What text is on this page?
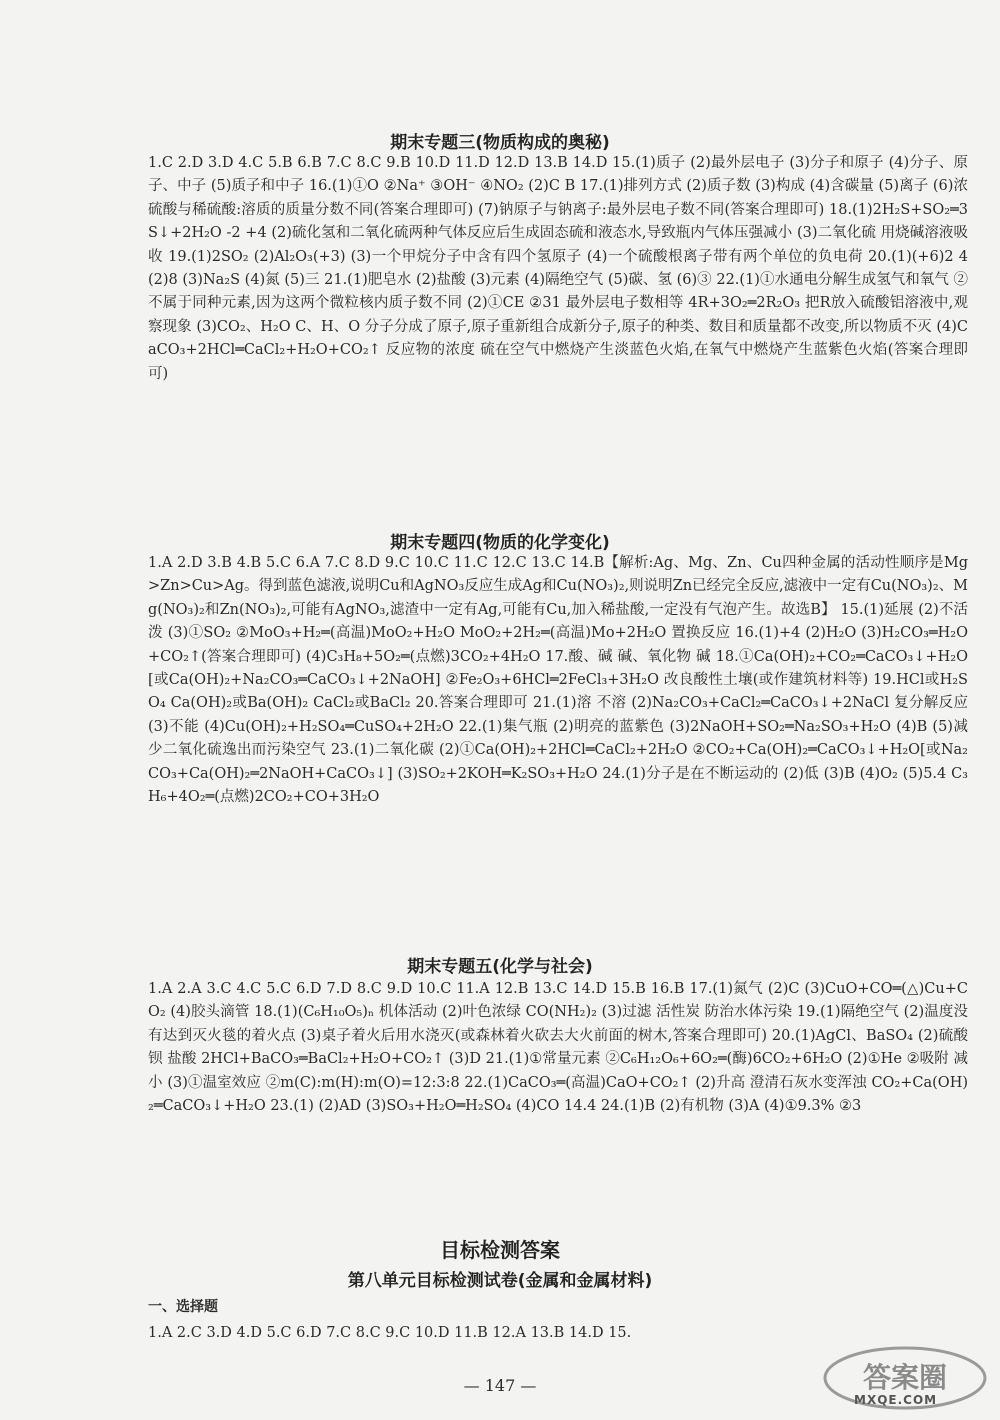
期末专题三(物质构成的奥秘)
1.C 2.D 3.D 4.C 5.B 6.B 7.C 8.C 9.B 10.D 11.D 12.D 13.B 14.D 15.(1)质子 (2)最外层电子 (3)分子和原子 (4)分子、原子、中子 (5)质子和中子 16.(1)①O ②Na⁺ ③OH⁻ ④NO₂ (2)C B 17.(1)排列方式 (2)质子数 (3)构成 (4)含碳量 (5)离子 (6)浓硫酸与稀硫酸:溶质的质量分数不同(答案合理即可) (7)钠原子与钠离子:最外层电子数不同(答案合理即可) 18.(1)2H₂S+SO₂═3S↓+2H₂O -2 +4 (2)硫化氢和二氧化硫两种气体反应后生成固态硫和液态水,导致瓶内气体压强减小 (3)二氧化硫 用烧碱溶液吸收 19.(1)2SO₂ (2)Al₂O₃(+3) (3)一个甲烷分子中含有四个氢原子 (4)一个硫酸根离子带有两个单位的负电荷 20.(1)(+6)2 4 (2)8 (3)Na₂S (4)氮 (5)三 21.(1)肥皂水 (2)盐酸 (3)元素 (4)隔绝空气 (5)碳、氢 (6)③ 22.(1)①水通电分解生成氢气和氧气 ②不属于同种元素,因为这两个微粒核内质子数不同 (2)①CE ②31 最外层电子数相等 4R+3O₂═2R₂O₃ 把R放入硫酸铝溶液中,观察现象 (3)CO₂、H₂O C、H、O 分子分成了原子,原子重新组合成新分子,原子的种类、数目和质量都不改变,所以物质不灭 (4)CaCO₃+2HCl═CaCl₂+H₂O+CO₂↑ 反应物的浓度 硫在空气中燃烧产生淡蓝色火焰,在氧气中燃烧产生蓝紫色火焰(答案合理即可)
期末专题四(物质的化学变化)
1.A 2.D 3.B 4.B 5.C 6.A 7.C 8.D 9.C 10.C 11.C 12.C 13.C 14.B【解析:Ag、Mg、Zn、Cu四种金属的活动性顺序是Mg>Zn>Cu>Ag。得到蓝色滤液,说明Cu和AgNO₃反应生成Ag和Cu(NO₃)₂,则说明Zn已经完全反应,滤液中一定有Cu(NO₃)₂、Mg(NO₃)₂和Zn(NO₃)₂,可能有AgNO₃,滤渣中一定有Ag,可能有Cu,加入稀盐酸,一定没有气泡产生。故选B】 15.(1)延展 (2)不活泼 (3)①SO₂ ②MoO₃+H₂═(高温)MoO₂+H₂O MoO₂+2H₂═(高温)Mo+2H₂O 置换反应 16.(1)+4 (2)H₂O (3)H₂CO₃═H₂O+CO₂↑(答案合理即可) (4)C₃H₈+5O₂═(点燃)3CO₂+4H₂O 17.酸、碱 碱、氧化物 碱 18.①Ca(OH)₂+CO₂═CaCO₃↓+H₂O[或Ca(OH)₂+Na₂CO₃═CaCO₃↓+2NaOH] ②Fe₂O₃+6HCl═2FeCl₃+3H₂O 改良酸性土壤(或作建筑材料等) 19.HCl或H₂SO₄ Ca(OH)₂或Ba(OH)₂ CaCl₂或BaCl₂ 20.答案合理即可 21.(1)溶 不溶 (2)Na₂CO₃+CaCl₂═CaCO₃↓+2NaCl 复分解反应 (3)不能 (4)Cu(OH)₂+H₂SO₄═CuSO₄+2H₂O 22.(1)集气瓶 (2)明亮的蓝紫色 (3)2NaOH+SO₂═Na₂SO₃+H₂O (4)B (5)减少二氧化硫逸出而污染空气 23.(1)二氧化碳 (2)①Ca(OH)₂+2HCl═CaCl₂+2H₂O ②CO₂+Ca(OH)₂═CaCO₃↓+H₂O[或Na₂CO₃+Ca(OH)₂═2NaOH+CaCO₃↓] (3)SO₂+2KOH═K₂SO₃+H₂O 24.(1)分子是在不断运动的 (2)低 (3)B (4)O₂ (5)5.4 C₃H₆+4O₂═(点燃)2CO₂+CO+3H₂O
期末专题五(化学与社会)
1.A 2.A 3.C 4.C 5.C 6.D 7.D 8.C 9.D 10.C 11.A 12.B 13.C 14.D 15.B 16.B 17.(1)氮气 (2)C (3)CuO+CO═(△)Cu+CO₂ (4)胶头滴管 18.(1)(C₆H₁₀O₅)ₙ 机体活动 (2)叶色浓绿 CO(NH₂)₂ (3)过滤 活性炭 防治水体污染 19.(1)隔绝空气 (2)温度没有达到灭火毯的着火点 (3)桌子着火后用水浇灭(或森林着火砍去大火前面的树木,答案合理即可) 20.(1)AgCl、BaSO₄ (2)硫酸钡 盐酸 2HCl+BaCO₃═BaCl₂+H₂O+CO₂↑ (3)D 21.(1)①常量元素 ②C₆H₁₂O₆+6O₂═(酶)6CO₂+6H₂O (2)①He ②吸附 减小 (3)①温室效应 ②m(C):m(H):m(O)=12:3:8 22.(1)CaCO₃═(高温)CaO+CO₂↑ (2)升高 澄清石灰水变浑浊 CO₂+Ca(OH)₂═CaCO₃↓+H₂O 23.(1) (2)AD (3)SO₃+H₂O═H₂SO₄ (4)CO 14.4 24.(1)B (2)有机物 (3)A (4)①9.3% ②3
目标检测答案
第八单元目标检测试卷(金属和金属材料)
一、选择题
1.A 2.C 3.D 4.D 5.C 6.D 7.C 8.C 9.C 10.D 11.B 12.A 13.B 14.D 15.
— 147 —	答案圈
MXQE.COM
